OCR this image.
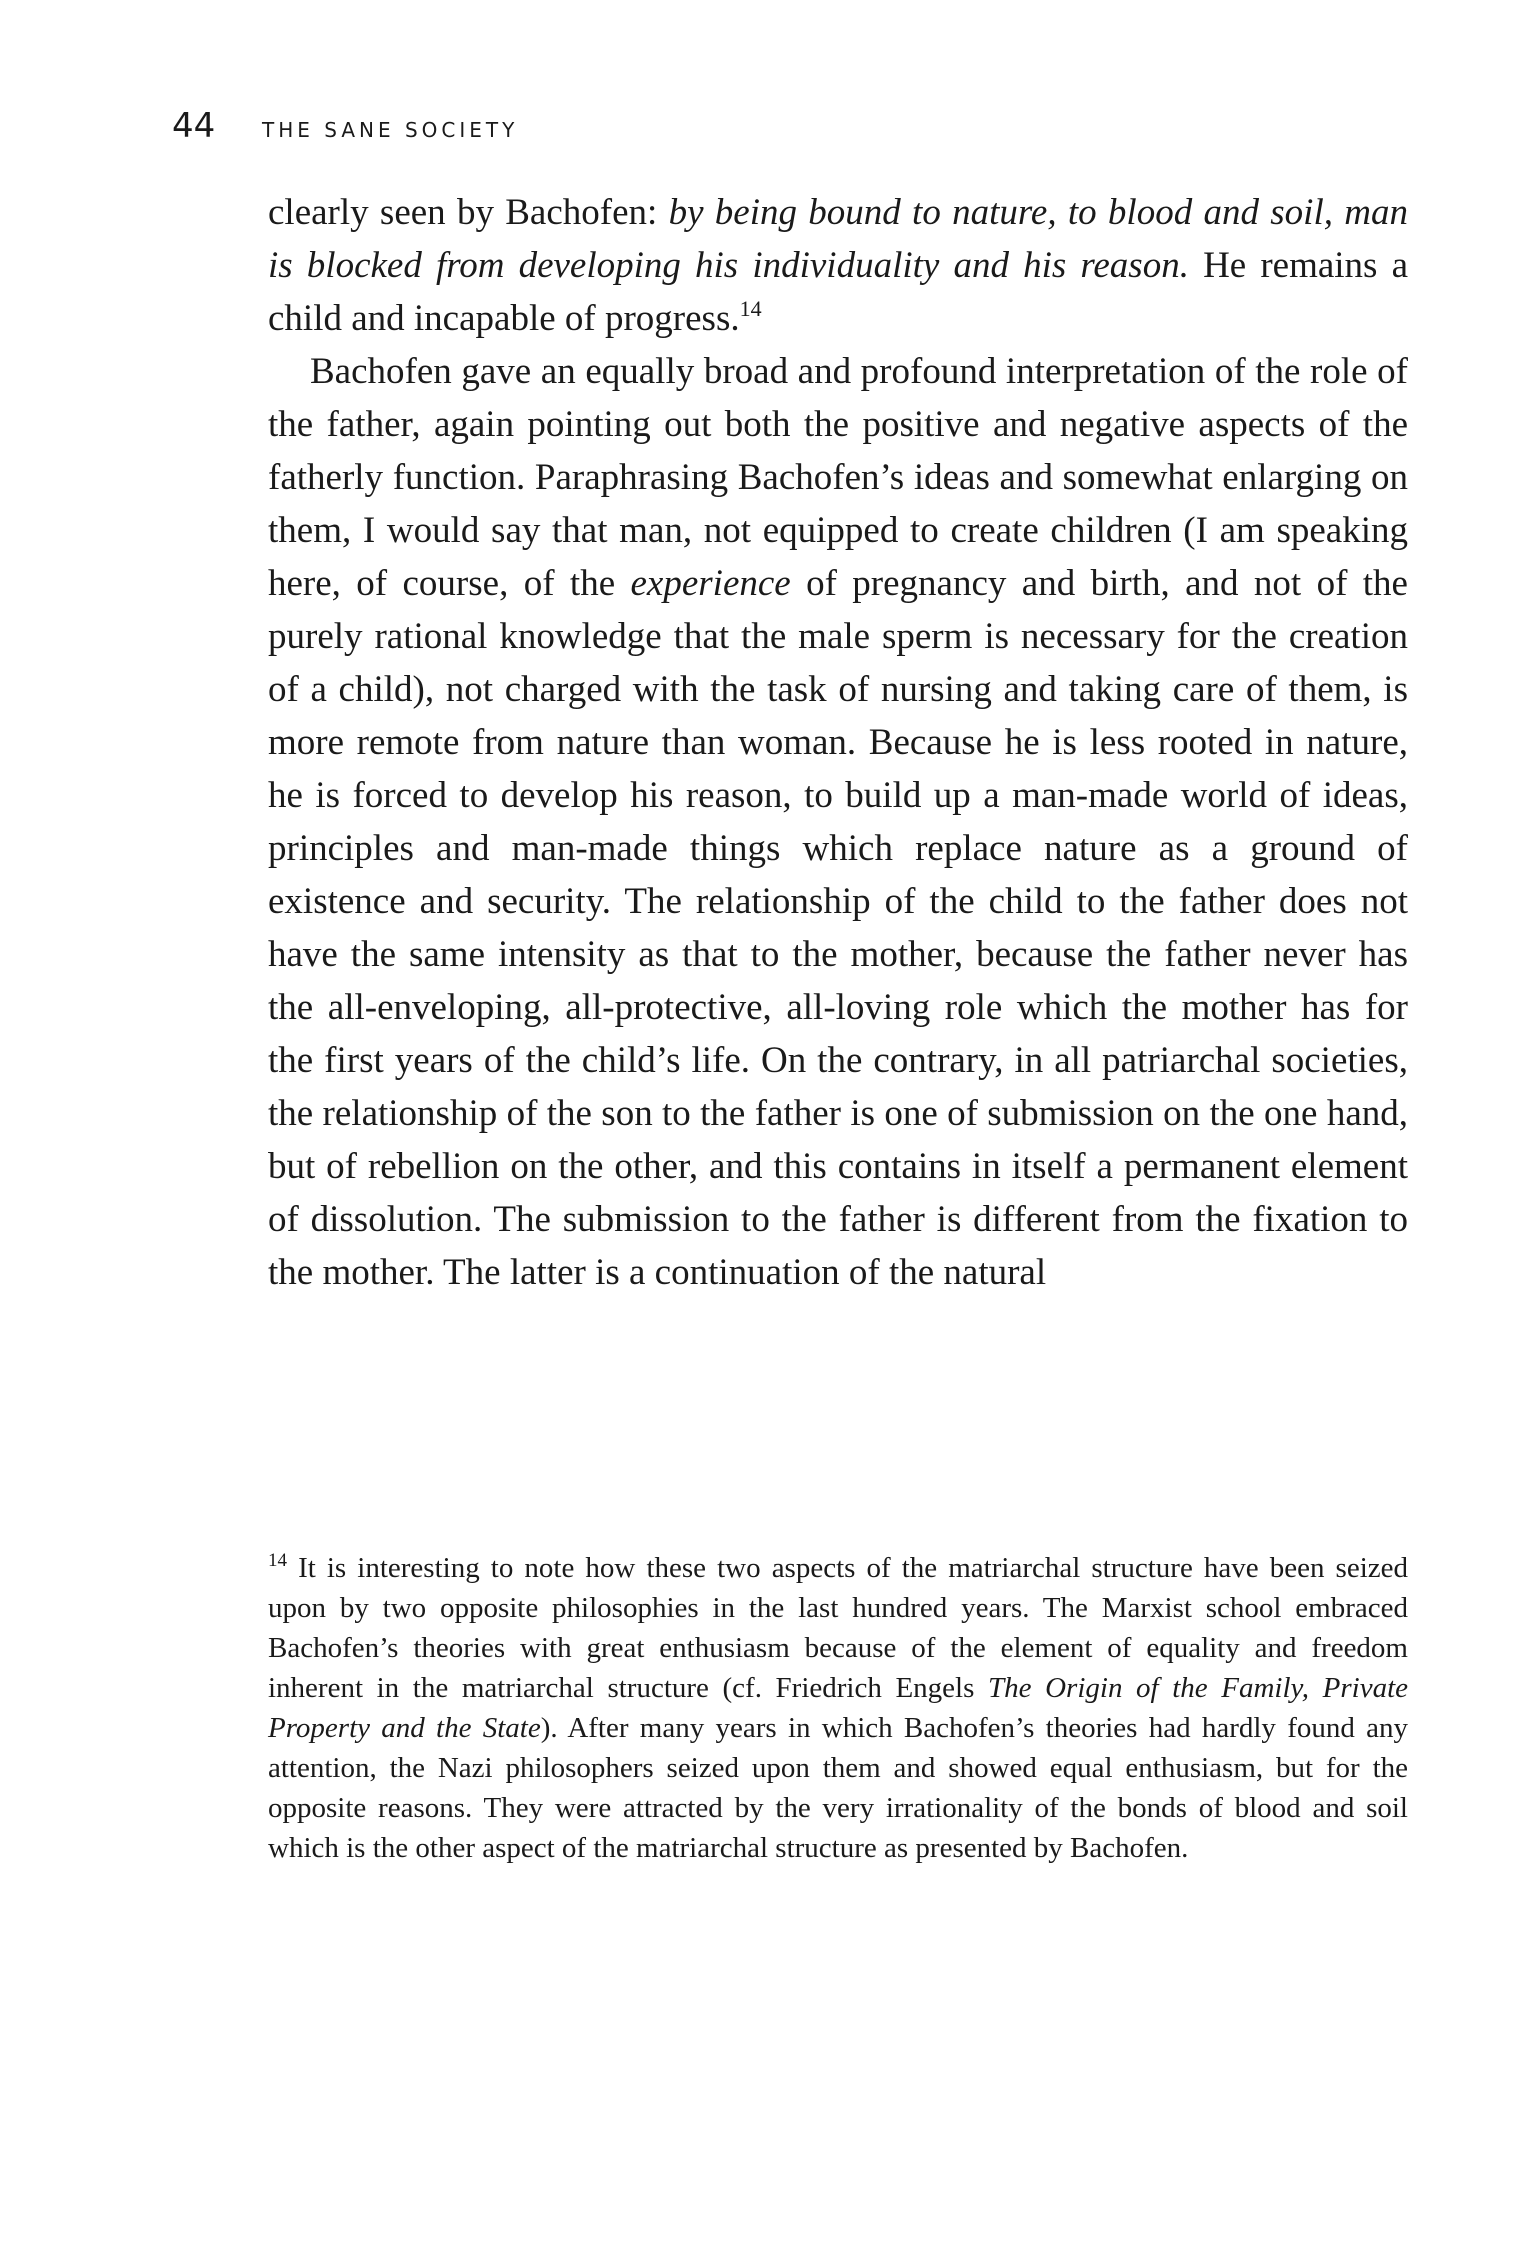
44 THE SANE SOCIETY

clearly seen by Bachofen: by being bound to nature, to blood and soil, man is blocked from developing his individuality and his reason. He remains a child and incapable of progress.$^{14}$

Bachofen gave an equally broad and profound interpretation of the role of the father, again pointing out both the positive and negative aspects of the fatherly function. Paraphrasing Bachofen’s ideas and somewhat enlarging on them, I would say that man, not equipped to create children (I am speaking here, of course, of the experience of pregnancy and birth, and not of the purely rational knowledge that the male sperm is necessary for the creation of a child), not charged with the task of nursing and taking care of them, is more remote from nature than woman. Because he is less rooted in nature, he is forced to develop his reason, to build up a man-made world of ideas, principles and man-made things which replace nature as a ground of existence and security. The relationship of the child to the father does not have the same intensity as that to the mother, because the father never has the all-enveloping, all-protective, all-loving role which the mother has for the first years of the child’s life. On the contrary, in all patriarchal societies, the relationship of the son to the father is one of submission on the one hand, but of rebellion on the other, and this contains in itself a permanent element of dissolution. The submission to the father is different from the fixation to the mother. The latter is a continuation of the natural

$^{14}$ It is interesting to note how these two aspects of the matriarchal structure have been seized upon by two opposite philosophies in the last hundred years. The Marxist school embraced Bachofen’s theories with great enthusiasm because of the element of equality and freedom inherent in the matriarchal structure (cf. Friedrich Engels The Origin of the Family, Private Property and the State). After many years in which Bachofen’s theories had hardly found any attention, the Nazi philosophers seized upon them and showed equal enthusiasm, but for the opposite reasons. They were attracted by the very irrationality of the bonds of blood and soil which is the other aspect of the matriarchal structure as presented by Bachofen.
